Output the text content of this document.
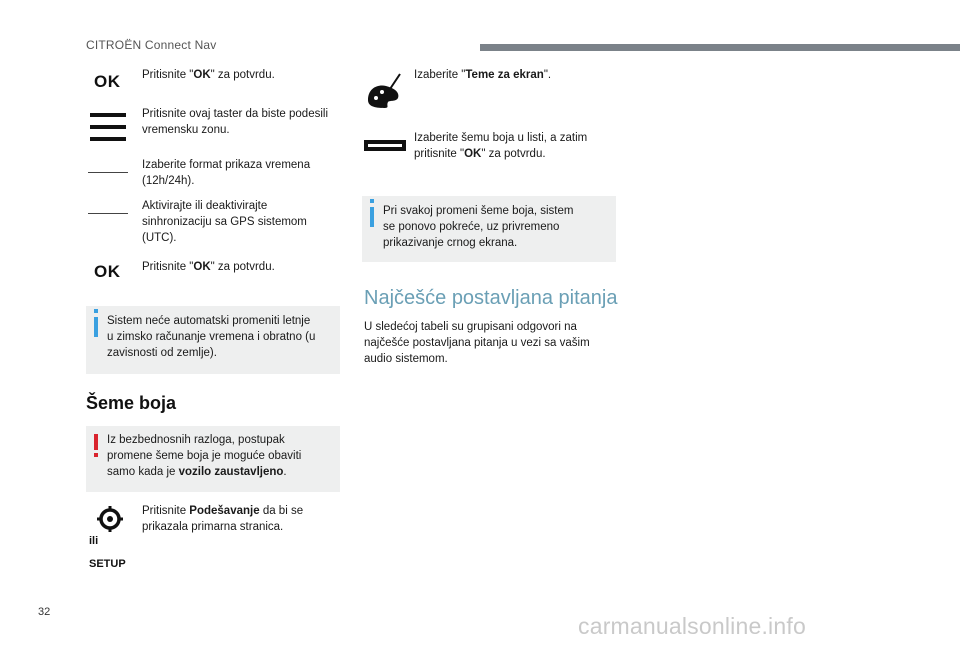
CITROËN Connect Nav
OK Pritisnite "OK" za potvrdu.
Pritisnite ovaj taster da biste podesili
vremensku zonu.
Izaberite format prikaza vremena
(12h/24h).
Aktivirajte ili deaktivirajte
sinhronizaciju sa GPS sistemom
(UTC).
OK Pritisnite "OK" za potvrdu.
Sistem neće automatski promeniti letnje
u zimsko računanje vremena i obratno (u
zavisnosti od zemlje).
Šeme boja
Iz bezbednosnih razloga, postupak
promene šeme boja je moguće obaviti
samo kada je vozilo zaustavljeno.
ili
SETUP
Pritisnite Podešavanje da bi se
prikazala primarna stranica.
Izaberite "Teme za ekran".
Izaberite šemu boja u listi, a zatim
pritisnite "OK" za potvrdu.
Pri svakoj promeni šeme boja, sistem
se ponovo pokreće, uz privremeno
prikazivanje crnog ekrana.
Najčešće postavljana pitanja
U sledećoj tabeli su grupisani odgovori na
najčešće postavljana pitanja u vezi sa vašim
audio sistemom.
32
carmanualsonline.info
